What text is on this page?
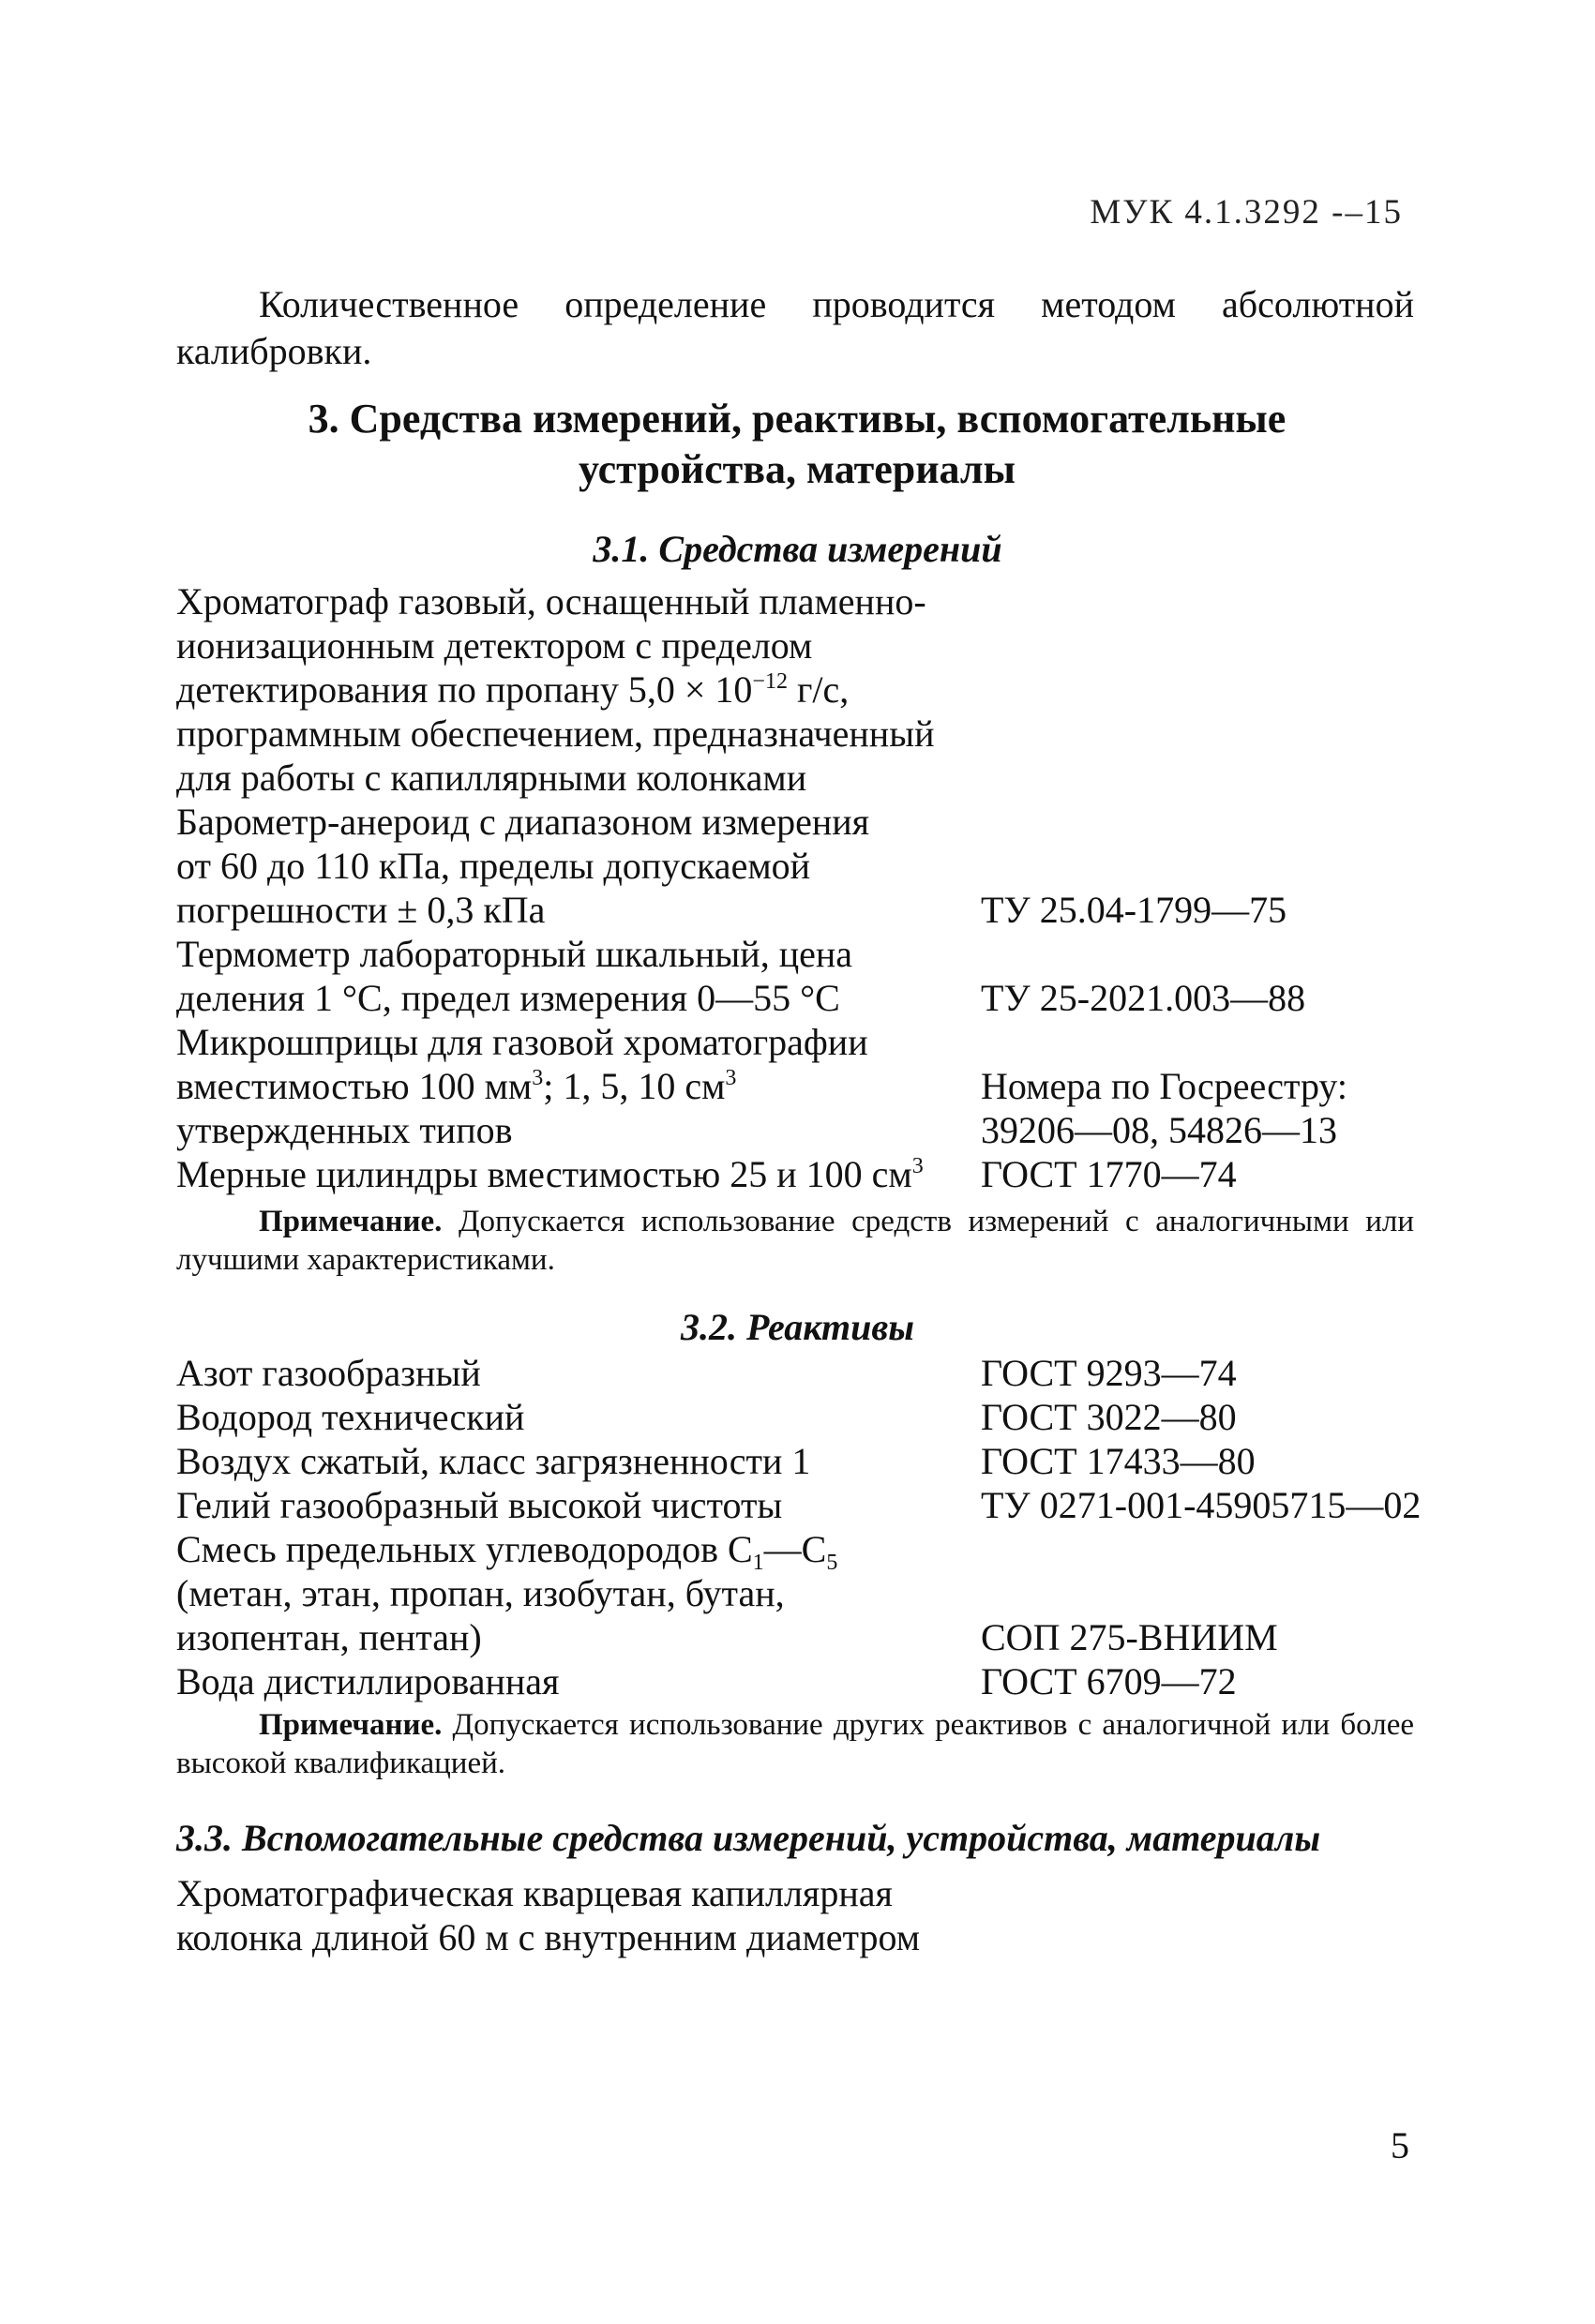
МУК 4.1.3292 -–15
Количественное определение проводится методом абсолютной калибровки.
3. Средства измерений, реактивы, вспомогательные
устройства, материалы
3.1. Средства измерений
Хроматограф газовый, оснащенный пламенно-
ионизационным детектором с пределом
детектирования по пропану $5,0 \times 10^{-12}$ г/с,
программным обеспечением, предназначенный
для работы с капиллярными колонками
Барометр-анероид с диапазоном измерения
от 60 до 110 кПа, пределы допускаемой
погрешности ± 0,3 кПа	ТУ 25.04-1799—75
Термометр лабораторный шкальный, цена
деления 1 °С, предел измерения 0—55 °С	ТУ 25-2021.003—88
Микрошприцы для газовой хроматографии
вместимостью 100 $мм^3$; 1, 5, 10 $см^3$	Номера по Госреестру:
утвержденных типов	39206—08, 54826—13
Мерные цилиндры вместимостью 25 и 100 $см^3$ ГОСТ 1770—74
Примечание. Допускается использование средств измерений с аналогичными или лучшими характеристиками.
3.2. Реактивы
Азот газообразный	ГОСТ 9293—74
Водород технический	ГОСТ 3022—80
Воздух сжатый, класс загрязненности 1	ГОСТ 17433—80
Гелий газообразный высокой чистоты	ТУ 0271-001-45905715—02
Смесь предельных углеводородов $С_1—С_5$
(метан, этан, пропан, изобутан, бутан,
изопентан, пентан)	СОП 275-ВНИИМ
Вода дистиллированная	ГОСТ 6709—72
Примечание. Допускается использование других реактивов с аналогичной или более высокой квалификацией.
3.3. Вспомогательные средства измерений, устройства, материалы
Хроматографическая кварцевая капиллярная
колонка длиной 60 м с внутренним диаметром
5
